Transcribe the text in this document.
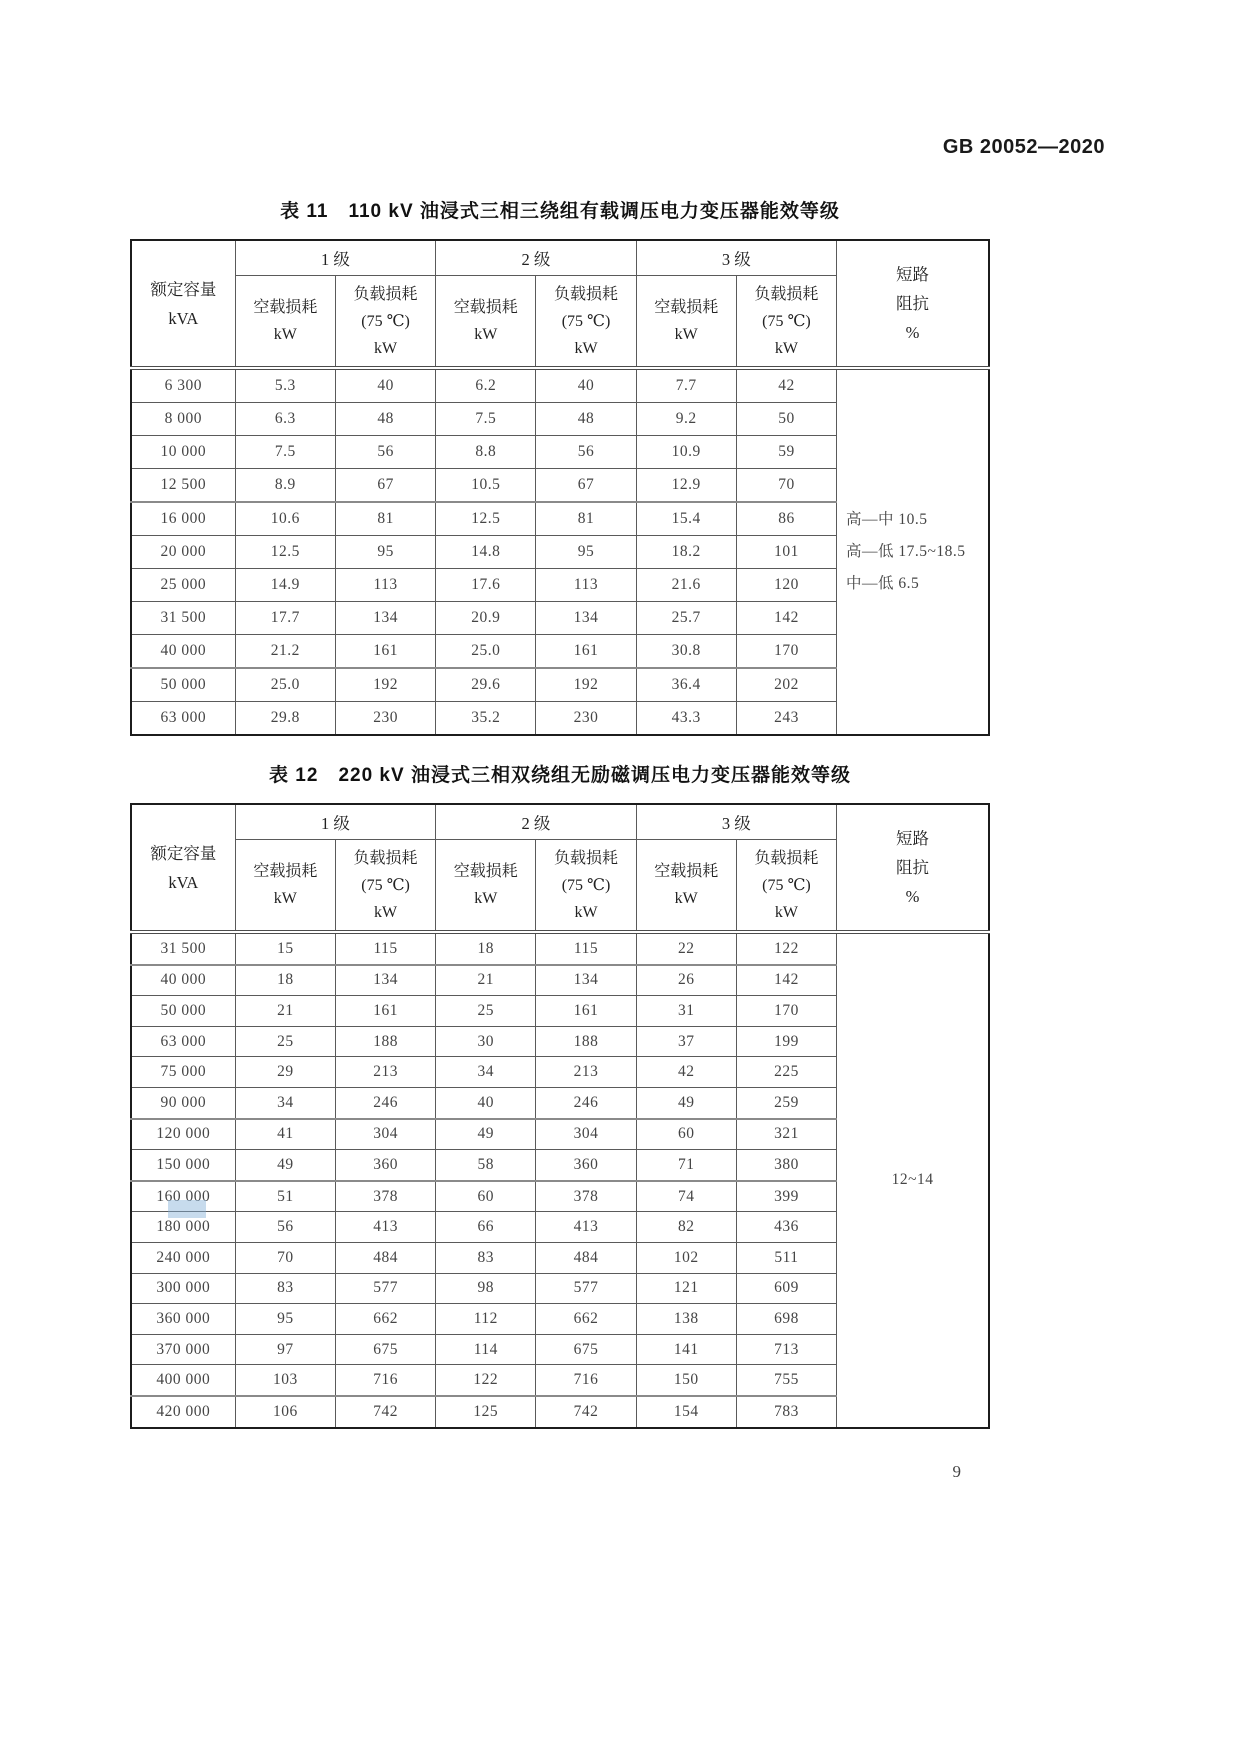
GB 20052—2020
表 11　110 kV 油浸式三相三绕组有载调压电力变压器能效等级
额定容量
kVA
	1 级	2 级	3 级	
短路
阻抗
%

空载损耗
kW

负载损耗
(75 ℃)
kW

空载损耗
kW

负载损耗
(75 ℃)
kW

空载损耗
kW

负载损耗
(75 ℃)
kW

6 300	5.3	40	6.2	40	7.7	42	高—中 10.5
高—低 17.5~18.5
中—低 6.5

8 000	6.3	48	7.5	48	9.2	50	
10 000	7.5	56	8.8	56	10.9	59	
12 500	8.9	67	10.5	67	12.9	70	
16 000	10.6	81	12.5	81	15.4	86	
20 000	12.5	95	14.8	95	18.2	101	
25 000	14.9	113	17.6	113	21.6	120	
31 500	17.7	134	20.9	134	25.7	142	
40 000	21.2	161	25.0	161	30.8	170	
50 000	25.0	192	29.6	192	36.4	202	
63 000	29.8	230	35.2	230	43.3	243	
表 12　220 kV 油浸式三相双绕组无励磁调压电力变压器能效等级
额定容量
kVA
	1 级	2 级	3 级	
短路
阻抗
%

空载损耗
kW

负载损耗
(75 ℃)
kW

空载损耗
kW

负载损耗
(75 ℃)
kW

空载损耗
kW

负载损耗
(75 ℃)
kW

31 500	15	115	18	115	22	122	12~14

40 000	18	134	21	134	26	142	
50 000	21	161	25	161	31	170	
63 000	25	188	30	188	37	199	
75 000	29	213	34	213	42	225	
90 000	34	246	40	246	49	259	
120 000	41	304	49	304	60	321	
150 000	49	360	58	360	71	380	
160 000	51	378	60	378	74	399	
180 000	56	413	66	413	82	436	
240 000	70	484	83	484	102	511	
300 000	83	577	98	577	121	609	
360 000	95	662	112	662	138	698	
370 000	97	675	114	675	141	713	
400 000	103	716	122	716	150	755	
420 000	106	742	125	742	154	783	
9
